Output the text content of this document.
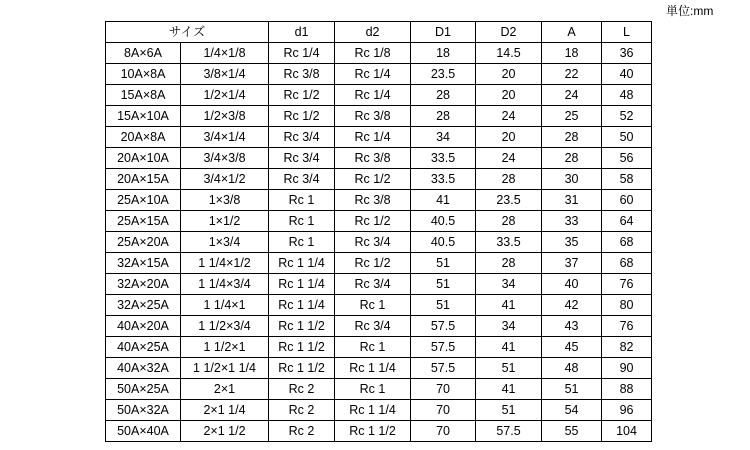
単位:mm
サイズ		d1	d2	D1	D2	A	L
8A×6A	1/4×1/8	Rc 1/4	Rc 1/8	18	14.5	18	36
10A×8A	3/8×1/4	Rc 3/8	Rc 1/4	23.5	20	22	40
15A×8A	1/2×1/4	Rc 1/2	Rc 1/4	28	20	24	48
15A×10A	1/2×3/8	Rc 1/2	Rc 3/8	28	24	25	52
20A×8A	3/4×1/4	Rc 3/4	Rc 1/4	34	20	28	50
20A×10A	3/4×3/8	Rc 3/4	Rc 3/8	33.5	24	28	56
20A×15A	3/4×1/2	Rc 3/4	Rc 1/2	33.5	28	30	58
25A×10A	1×3/8	Rc 1	Rc 3/8	41	23.5	31	60
25A×15A	1×1/2	Rc 1	Rc 1/2	40.5	28	33	64
25A×20A	1×3/4	Rc 1	Rc 3/4	40.5	33.5	35	68
32A×15A	1 1/4×1/2	Rc 1 1/4	Rc 1/2	51	28	37	68
32A×20A	1 1/4×3/4	Rc 1 1/4	Rc 3/4	51	34	40	76
32A×25A	1 1/4×1	Rc 1 1/4	Rc 1	51	41	42	80
40A×20A	1 1/2×3/4	Rc 1 1/2	Rc 3/4	57.5	34	43	76
40A×25A	1 1/2×1	Rc 1 1/2	Rc 1	57.5	41	45	82
40A×32A	1 1/2×1 1/4	Rc 1 1/2	Rc 1 1/4	57.5	51	48	90
50A×25A	2×1	Rc 2	Rc 1	70	41	51	88
50A×32A	2×1 1/4	Rc 2	Rc 1 1/4	70	51	54	96
50A×40A	2×1 1/2	Rc 2	Rc 1 1/2	70	57.5	55	104
